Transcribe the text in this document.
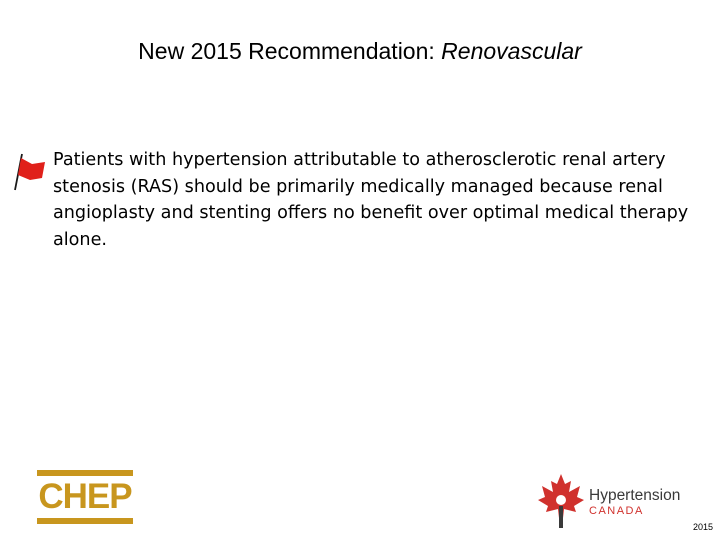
New 2015 Recommendation: Renovascular
Patients with hypertension attributable to atherosclerotic renal artery stenosis (RAS) should be primarily medically managed because renal angioplasty and stenting offers no benefit over optimal medical therapy alone.
CHEP	Hypertension
CANADA
2015
